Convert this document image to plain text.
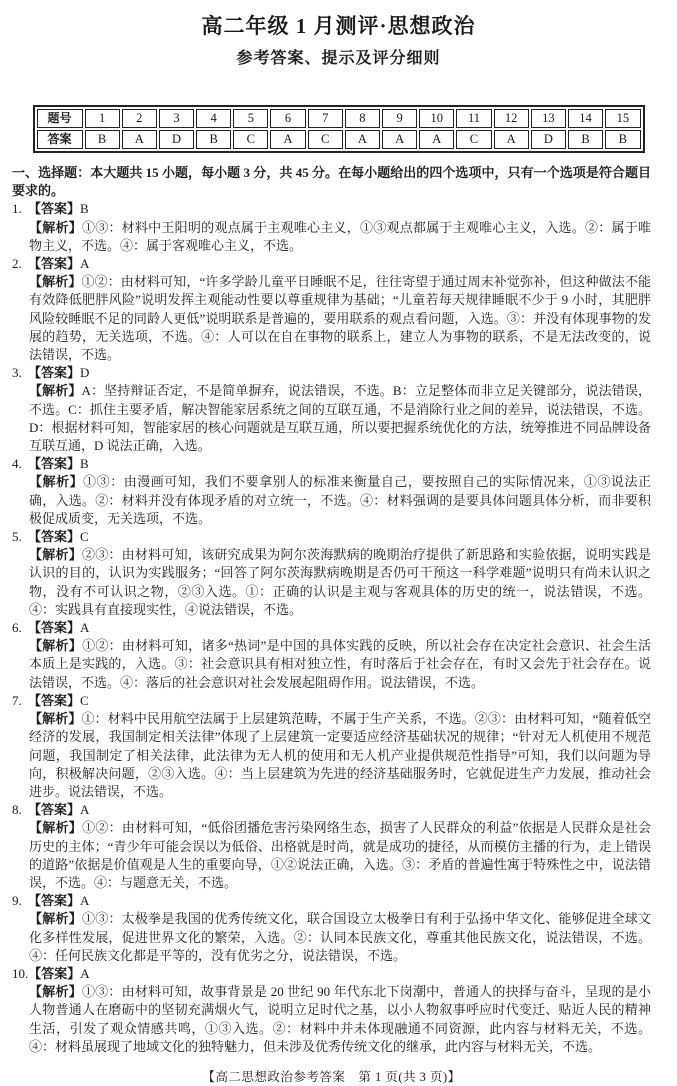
高二年级 1 月测评·思想政治
参考答案、提示及评分细则
题号	1	2	3	4	5	6	7	8	9	10	11	12	13	14	15
答案	B	A	D	B	C	A	C	A	A	A	C	A	D	B	B
一、选择题：本大题共 15 小题，每小题 3 分，共 45 分。在每小题给出的四个选项中，只有一个选项是符合题目要求的。
1. 【答案】B
【解析】①③：材料中王阳明的观点属于主观唯心主义，①③观点都属于主观唯心主义，入选。②：属于唯物主义，不选。④：属于客观唯心主义，不选。
2. 【答案】A
【解析】①②：由材料可知，“许多学龄儿童平日睡眠不足，往往寄望于通过周末补觉弥补，但这种做法不能有效降低肥胖风险”说明发挥主观能动性要以尊重规律为基础；“儿童若每天规律睡眠不少于 9 小时，其肥胖风险较睡眠不足的同龄人更低”说明联系是普遍的，要用联系的观点看问题，入选。③：并没有体现事物的发展的趋势，无关选项，不选。④：人可以在自在事物的联系上，建立人为事物的联系，不是无法改变的，说法错误，不选。
3. 【答案】D
【解析】A：坚持辩证否定，不是简单摒弃，说法错误，不选。B：立足整体而非立足关键部分，说法错误，不选。C：抓住主要矛盾，解决智能家居系统之间的互联互通，不是消除行业之间的差异，说法错误，不选。D：根据材料可知，智能家居的核心问题就是互联互通，所以要把握系统优化的方法，统筹推进不同品牌设备互联互通，D 说法正确，入选。
4. 【答案】B
【解析】①③：由漫画可知，我们不要拿别人的标准来衡量自己，要按照自己的实际情况来，①③说法正确，入选。②：材料并没有体现矛盾的对立统一，不选。④：材料强调的是要具体问题具体分析，而非要积极促成质变，无关选项，不选。
5. 【答案】C
【解析】②③：由材料可知，该研究成果为阿尔茨海默病的晚期治疗提供了新思路和实验依据，说明实践是认识的目的，认识为实践服务；“回答了阿尔茨海默病晚期是否仍可干预这一科学难题”说明只有尚未认识之物，没有不可认识之物，②③入选。①：正确的认识是主观与客观具体的历史的统一，说法错误，不选。④：实践具有直接现实性，④说法错误，不选。
6. 【答案】A
【解析】①②：由材料可知，诸多“热词”是中国的具体实践的反映，所以社会存在决定社会意识、社会生活本质上是实践的，入选。③：社会意识具有相对独立性，有时落后于社会存在，有时又会先于社会存在。说法错误，不选。④：落后的社会意识对社会发展起阻碍作用。说法错误，不选。
7. 【答案】C
【解析】①：材料中民用航空法属于上层建筑范畴，不属于生产关系，不选。②③：由材料可知，“随着低空经济的发展，我国制定相关法律”体现了上层建筑一定要适应经济基础状况的规律；“针对无人机使用不规范问题，我国制定了相关法律，此法律为无人机的使用和无人机产业提供规范性指导”可知，我们以问题为导向，积极解决问题，②③入选。④：当上层建筑为先进的经济基础服务时，它就促进生产力发展，推动社会进步。说法错误，不选。
8. 【答案】A
【解析】①②：由材料可知，“低俗团播危害污染网络生态，损害了人民群众的利益”依据是人民群众是社会历史的主体；“青少年可能会误以为低俗、出格就是时尚，就是成功的捷径，从而模仿主播的行为，走上错误的道路”依据是价值观是人生的重要向导，①②说法正确，入选。③：矛盾的普遍性寓于特殊性之中，说法错误，不选。④：与题意无关，不选。
9. 【答案】A
【解析】①③：太极拳是我国的优秀传统文化，联合国设立太极拳日有利于弘扬中华文化、能够促进全球文化多样性发展，促进世界文化的繁荣，入选。②：认同本民族文化，尊重其他民族文化，说法错误，不选。④：任何民族文化都是平等的，没有优劣之分，说法错误，不选。
10.【答案】A
【解析】①③：由材料可知，故事背景是 20 世纪 90 年代东北下岗潮中，普通人的抉择与奋斗，呈现的是小人物普通人在磨砺中的坚韧充满烟火气，说明立足时代之基，以小人物叙事呼应时代变迁、贴近人民的精神生活，引发了观众情感共鸣，①③入选。②：材料中并未体现融通不同资源，此内容与材料无关，不选。④：材料虽展现了地域文化的独特魅力，但未涉及优秀传统文化的继承，此内容与材料无关，不选。
【高二思想政治参考答案　第 1 页(共 3 页)】
